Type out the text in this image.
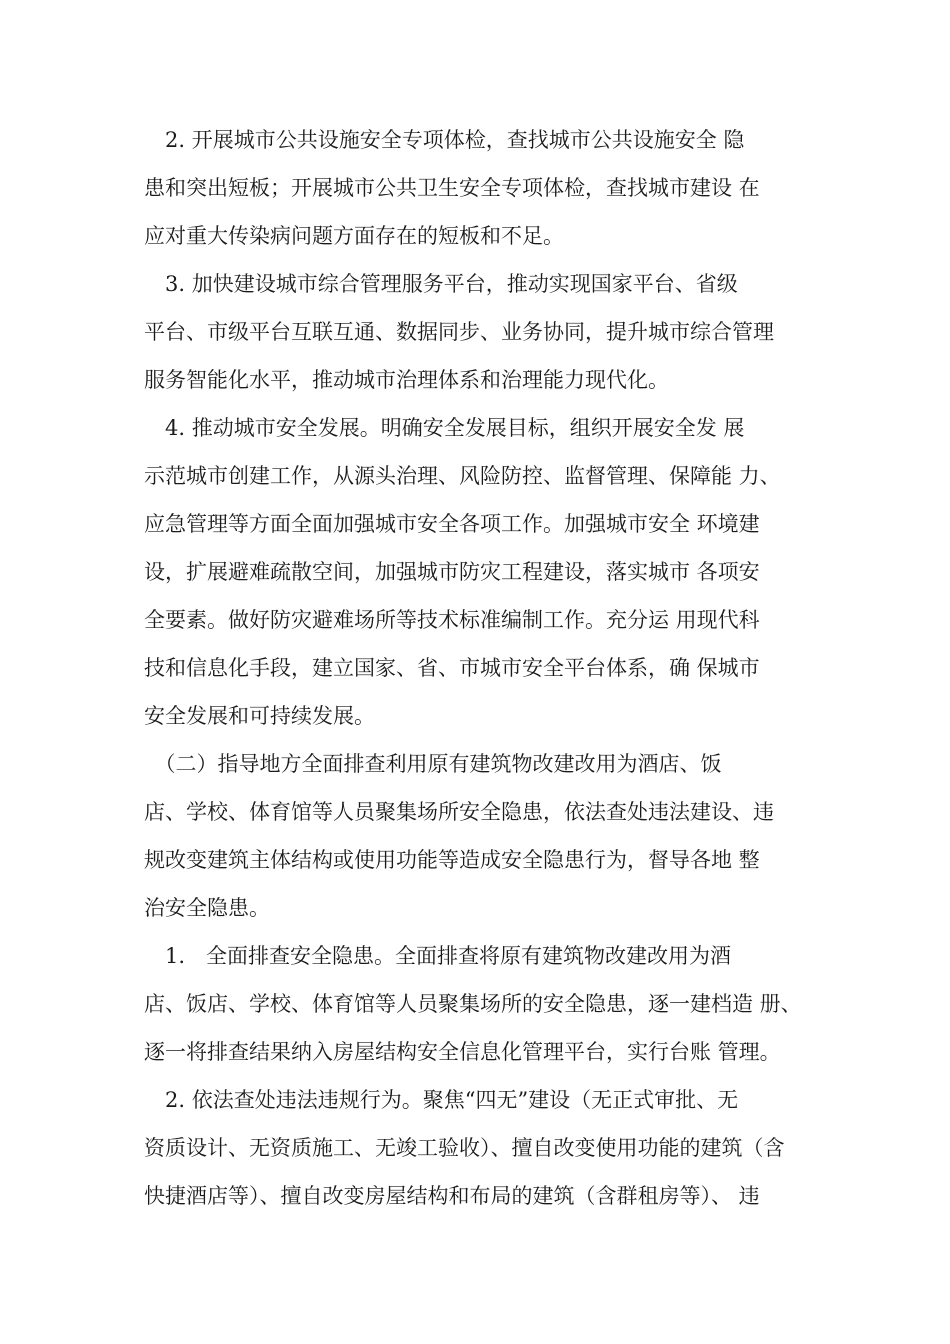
　2. 开展城市公共设施安全专项体检，查找城市公共设施安全 隐
患和突出短板；开展城市公共卫生安全专项体检，查找城市建设 在
应对重大传染病问题方面存在的短板和不足。
　3. 加快建设城市综合管理服务平台，推动实现国家平台、省级
平台、市级平台互联互通、数据同步、业务协同，提升城市综合管理
服务智能化水平，推动城市治理体系和治理能力现代化。
　4. 推动城市安全发展。明确安全发展目标，组织开展安全发 展
示范城市创建工作，从源头治理、风险防控、监督管理、保障能 力、
应急管理等方面全面加强城市安全各项工作。加强城市安全 环境建
设，扩展避难疏散空间，加强城市防灾工程建设，落实城市 各项安
全要素。做好防灾避难场所等技术标准编制工作。充分运 用现代科
技和信息化手段，建立国家、省、市城市安全平台体系，确 保城市
安全发展和可持续发展。
　（二）指导地方全面排查利用原有建筑物改建改用为酒店、饭
店、学校、体育馆等人员聚集场所安全隐患，依法查处违法建设、违
规改变建筑主体结构或使用功能等造成安全隐患行为，督导各地 整
治安全隐患。
　1.　全面排查安全隐患。全面排查将原有建筑物改建改用为酒
店、饭店、学校、体育馆等人员聚集场所的安全隐患，逐一建档造 册、
逐一将排查结果纳入房屋结构安全信息化管理平台，实行台账 管理。
　2. 依法查处违法违规行为。聚焦“四无”建设（无正式审批、无
资质设计、无资质施工、无竣工验收）、擅自改变使用功能的建筑（含
快捷酒店等）、擅自改变房屋结构和布局的建筑（含群租房等）、 违
